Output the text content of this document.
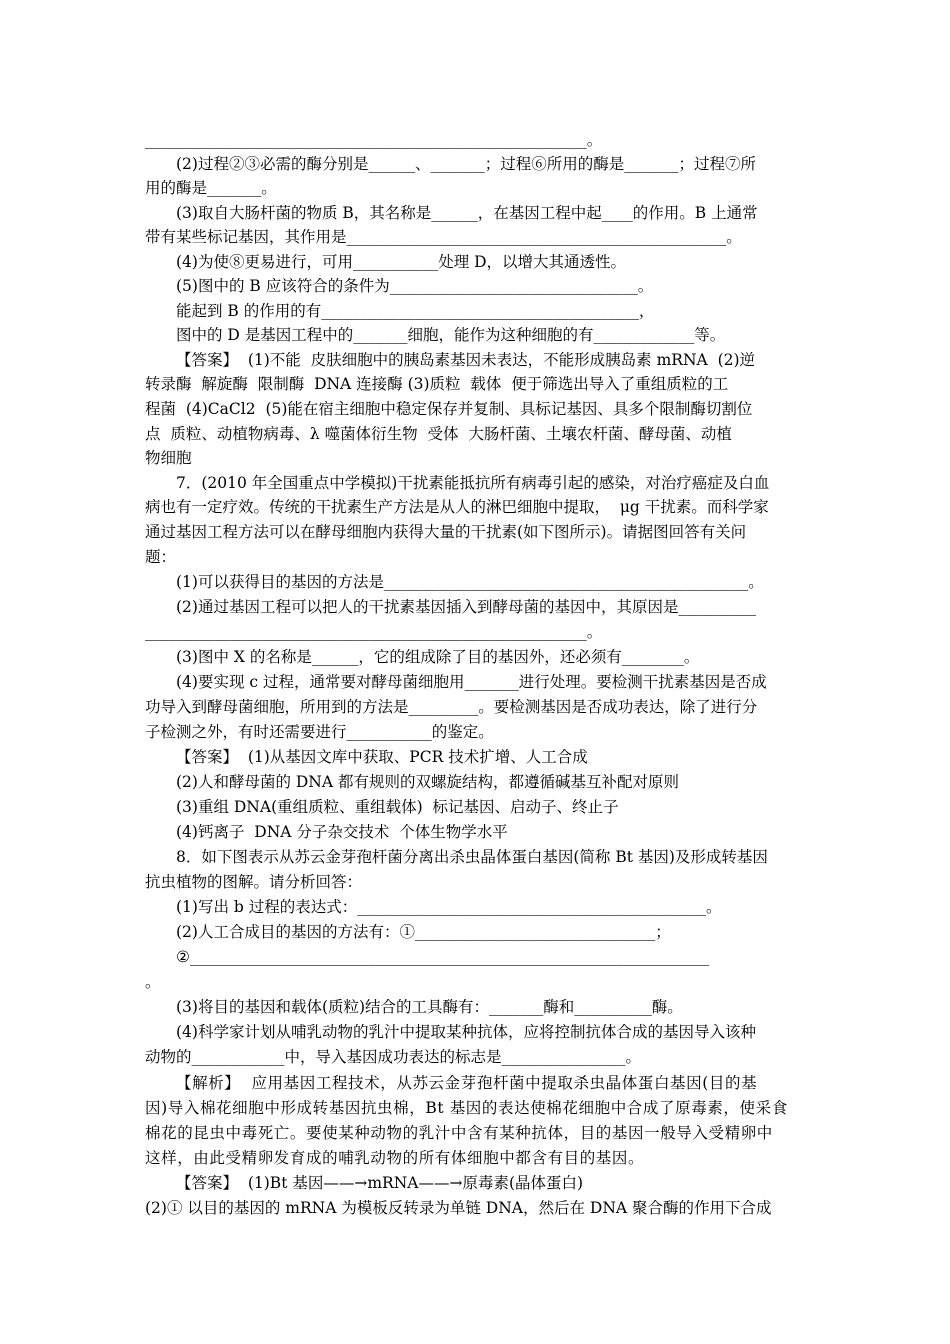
_________________________________________________________。
(2)过程②③必需的酶分别是______、_______；过程⑥所用的酶是_______；过程⑦所
用的酶是_______。
(3)取自大肠杆菌的物质 B，其名称是______，在基因工程中起____的作用。B 上通常
带有某些标记基因，其作用是_________________________________________________。
(4)为使⑧更易进行，可用___________处理 D，以增大其通透性。
(5)图中的 B 应该符合的条件为________________________________。
能起到 B 的作用的有_________________________________________，
图中的 D 是基因工程中的_______细胞，能作为这种细胞的有_____________等。
【答案】  (1)不能  皮肤细胞中的胰岛素基因未表达，不能形成胰岛素 mRNA  (2)逆
转录酶  解旋酶  限制酶  DNA 连接酶 (3)质粒  载体  便于筛选出导入了重组质粒的工
程菌  (4)CaCl2  (5)能在宿主细胞中稳定保存并复制、具标记基因、具多个限制酶切割位
点  质粒、动植物病毒、λ 噬菌体衍生物  受体  大肠杆菌、土壤农杆菌、酵母菌、动植
物细胞
7．(2010 年全国重点中学模拟)干扰素能抵抗所有病毒引起的感染，对治疗癌症及白血
病也有一定疗效。传统的干扰素生产方法是从人的淋巴细胞中提取，  μg 干扰素。而科学家
通过基因工程方法可以在酵母细胞内获得大量的干扰素(如下图所示)。请据图回答有关问
题：
(1)可以获得目的基因的方法是_______________________________________________。
(2)通过基因工程可以把人的干扰素基因插入到酵母菌的基因中，其原因是__________
_________________________________________________________。
(3)图中 X 的名称是______，它的组成除了目的基因外，还必须有________。
(4)要实现 c 过程，通常要对酵母菌细胞用_______进行处理。要检测干扰素基因是否成
功导入到酵母菌细胞，所用到的方法是_________。要检测基因是否成功表达，除了进行分
子检测之外，有时还需要进行___________的鉴定。
【答案】  (1)从基因文库中获取、PCR 技术扩增、人工合成
(2)人和酵母菌的 DNA 都有规则的双螺旋结构，都遵循碱基互补配对原则
(3)重组 DNA(重组质粒、重组载体)  标记基因、启动子、终止子
(4)钙离子  DNA 分子杂交技术  个体生物学水平
8．如下图表示从苏云金芽孢杆菌分离出杀虫晶体蛋白基因(简称 Bt 基因)及形成转基因
抗虫植物的图解。请分析回答：
(1)写出 b 过程的表达式：_____________________________________________。
(2)人工合成目的基因的方法有：①_______________________________；
②___________________________________________________________________
。
(3)将目的基因和载体(质粒)结合的工具酶有：_______酶和__________酶。
(4)科学家计划从哺乳动物的乳汁中提取某种抗体，应将控制抗体合成的基因导入该种
动物的____________中，导入基因成功表达的标志是________________。
【解析】  应用基因工程技术，从苏云金芽孢杆菌中提取杀虫晶体蛋白基因(目的基
因)导入棉花细胞中形成转基因抗虫棉，Bt 基因的表达使棉花细胞中合成了原毒素，使采食
棉花的昆虫中毒死亡。要使某种动物的乳汁中含有某种抗体，目的基因一般导入受精卵中
这样，由此受精卵发育成的哺乳动物的所有体细胞中都含有目的基因。
【答案】  (1)Bt 基因——→mRNA——→原毒素(晶体蛋白)
(2)① 以目的基因的 mRNA 为模板反转录为单链 DNA，然后在 DNA 聚合酶的作用下合成
